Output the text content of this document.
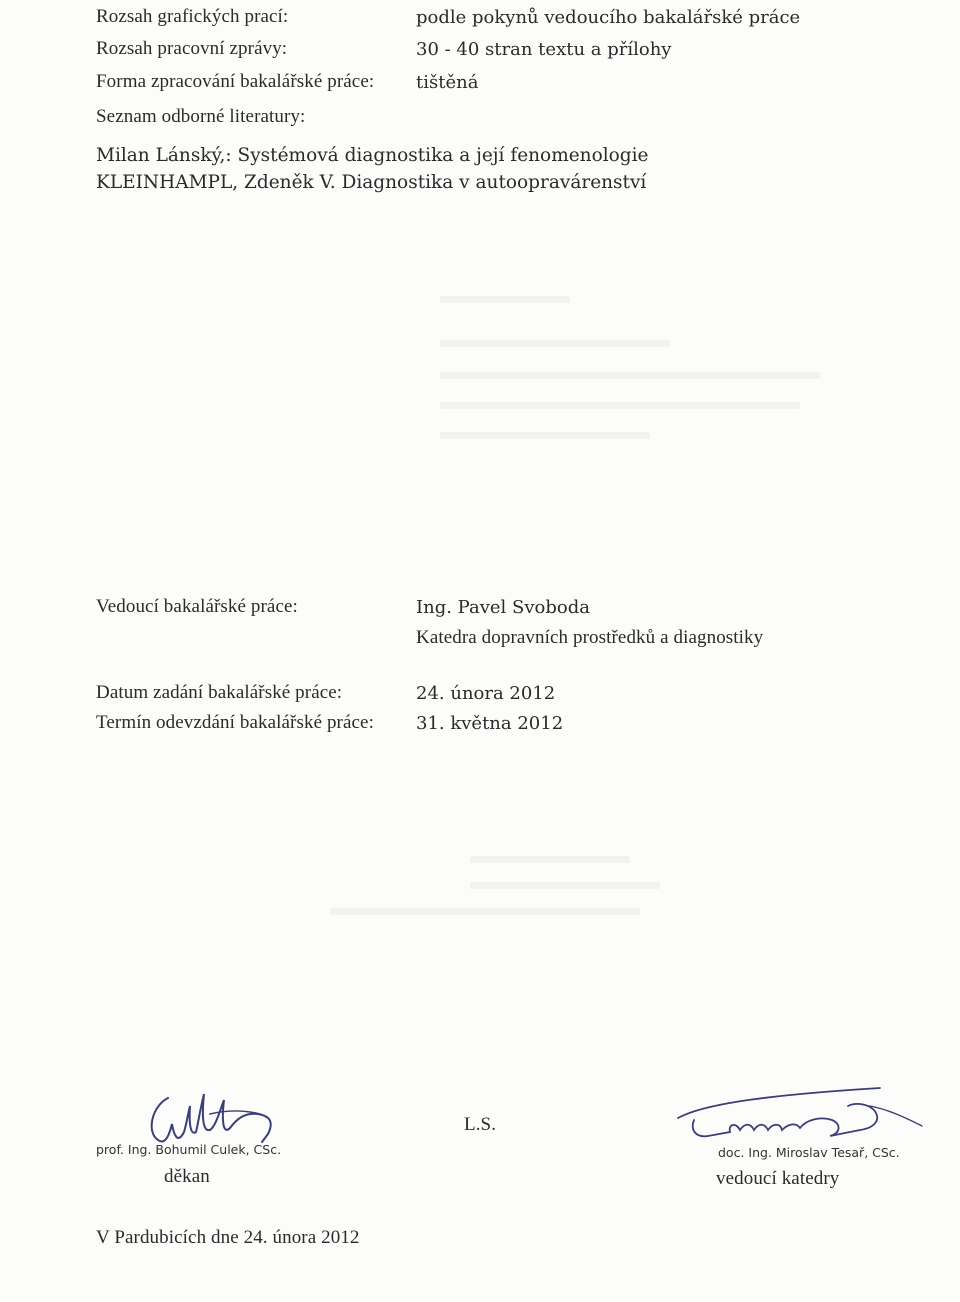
Rozsah grafických prací:	podle pokynů vedoucího bakalářské práce
Rozsah pracovní zprávy:	30 - 40 stran textu a přílohy
Forma zpracování bakalářské práce: tištěná
Seznam odborné literatury:
Milan Lánský,: Systémová diagnostika a její fenomenologie
KLEINHAMPL, Zdeněk V. Diagnostika v autoopravárenství
Vedoucí bakalářské práce:	Ing. Pavel Svoboda
Katedra dopravních prostředků a diagnostiky
Datum zadání bakalářské práce:	24. února 2012
Termín odevzdání bakalářské práce: 31. května 2012
prof. Ing. Bohumil Culek, CSc.
děkan
L.S.
doc. Ing. Miroslav Tesař, CSc.
vedoucí katedry
V Pardubicích dne 24. února 2012
